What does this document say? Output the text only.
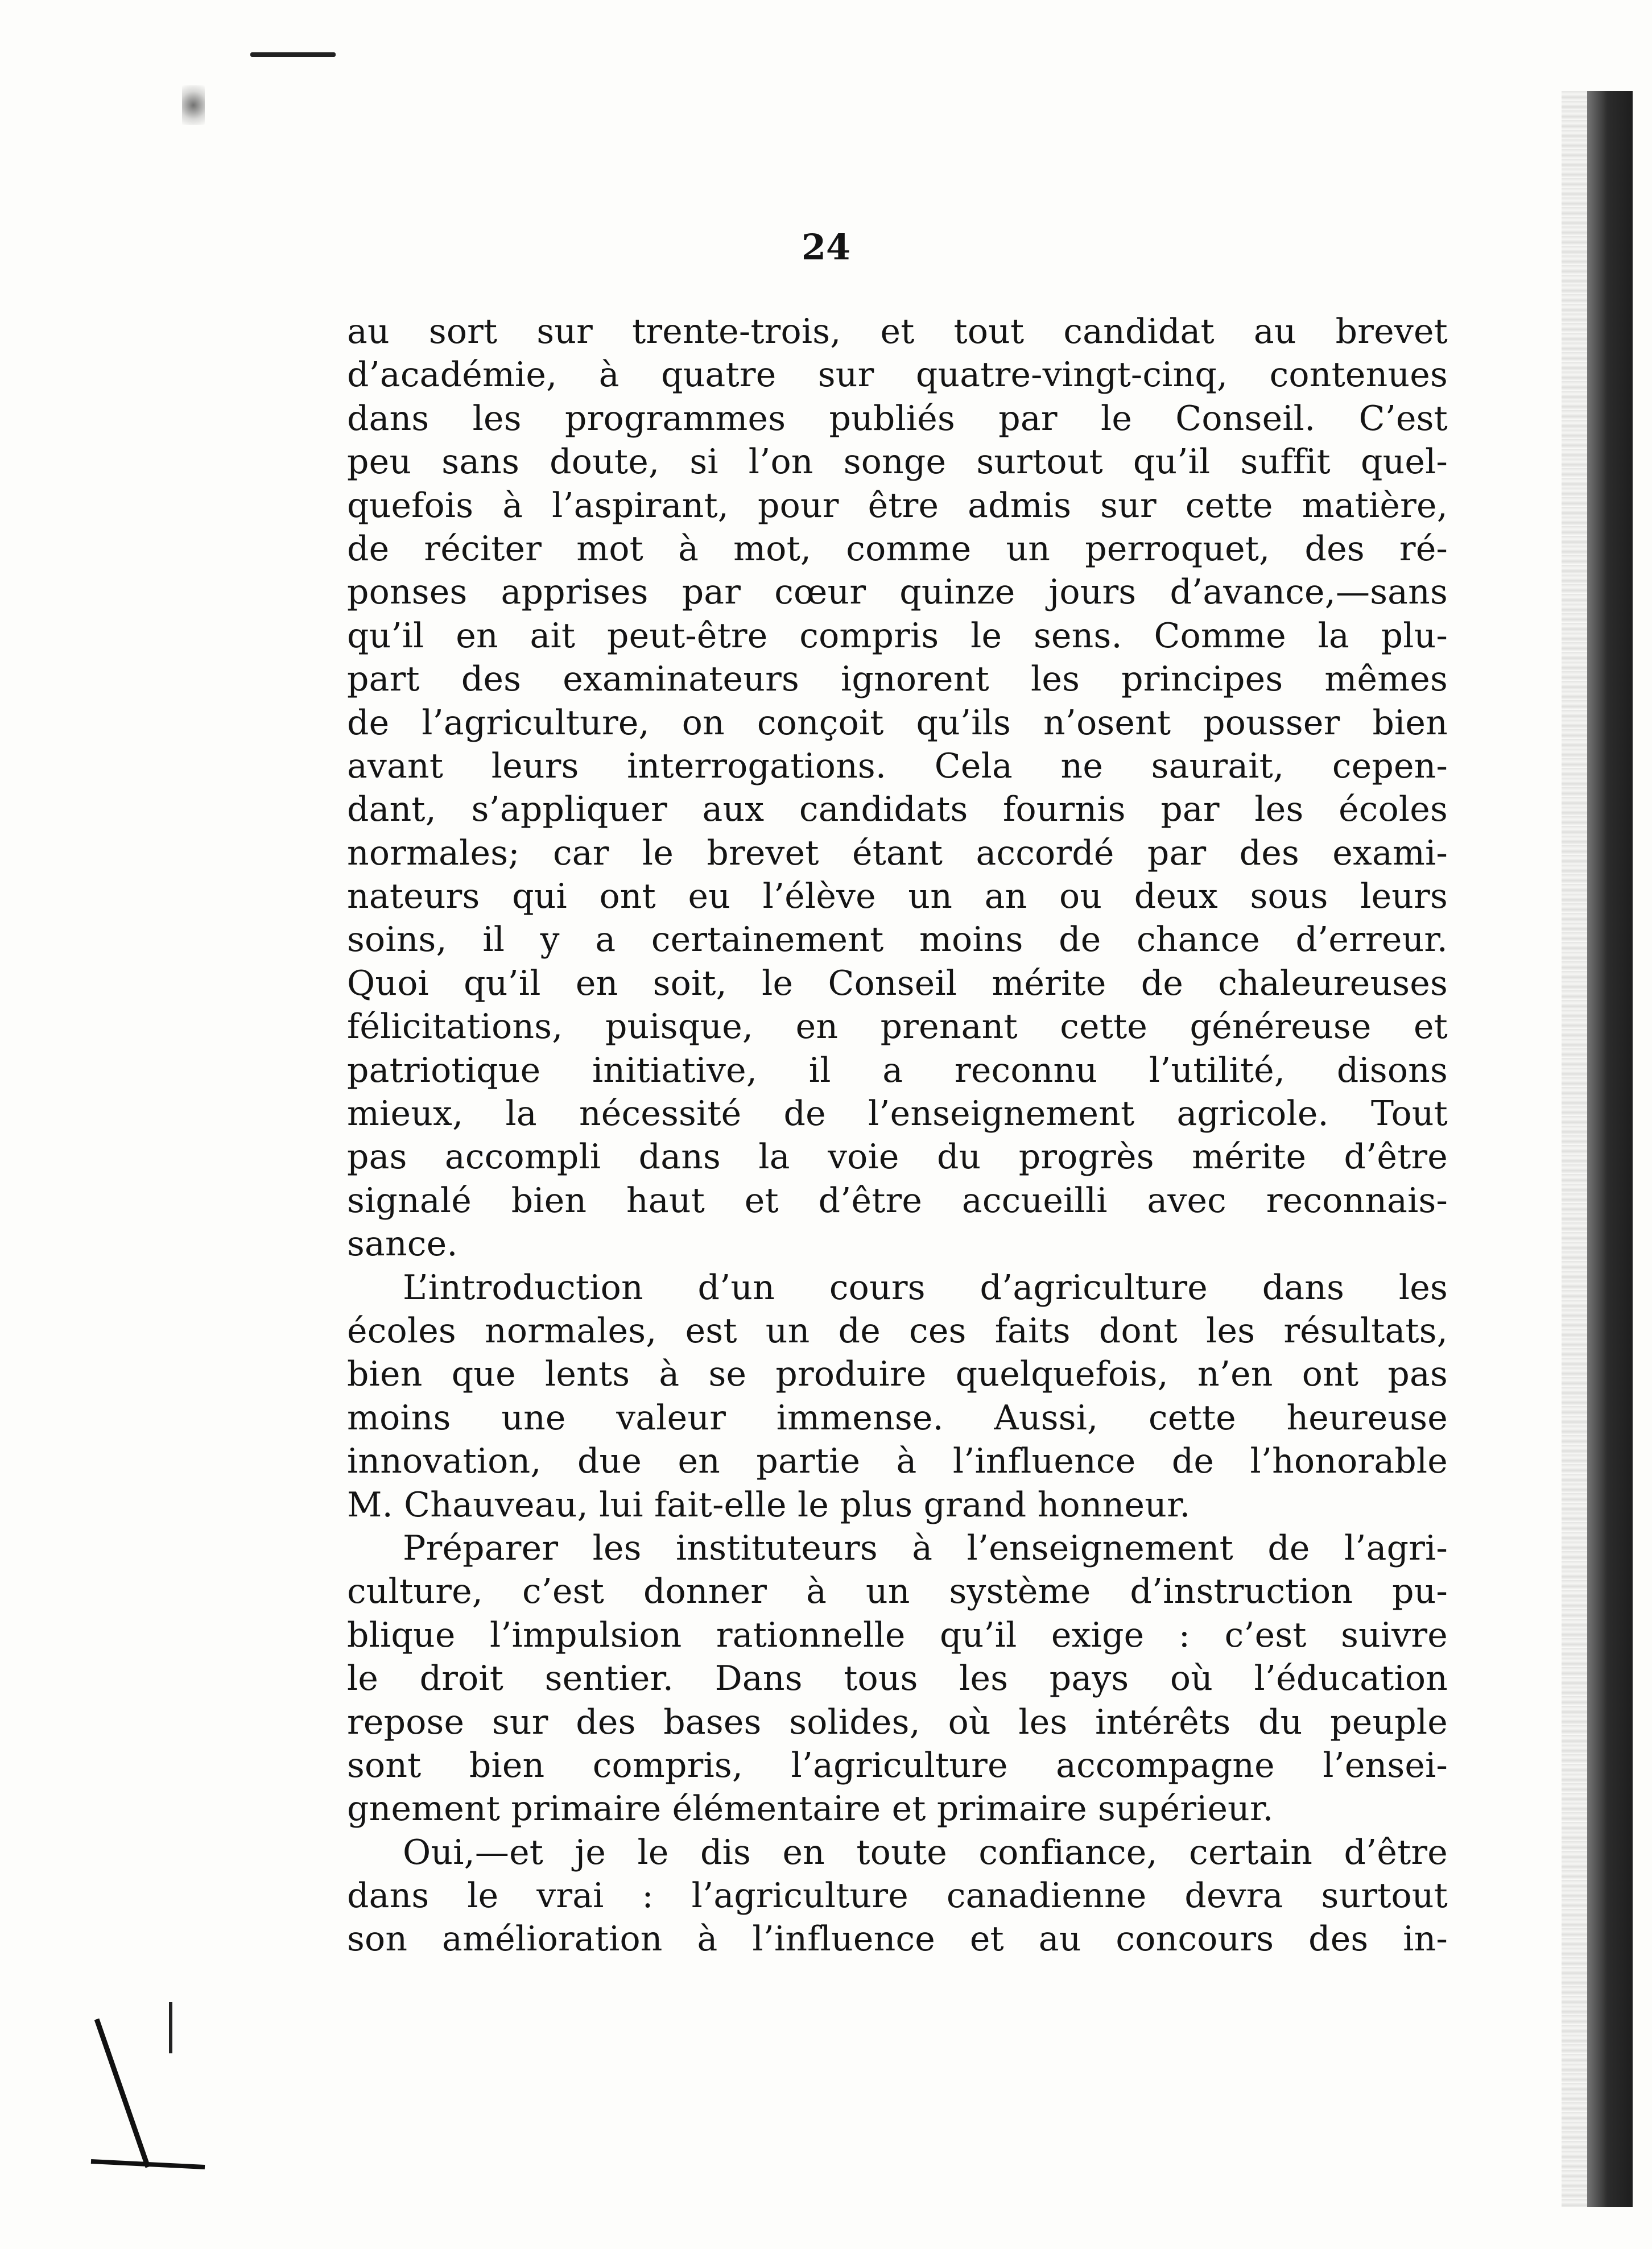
24
au sort sur trente-trois, et tout candidat au brevet
d’académie, à quatre sur quatre-vingt-cinq, contenues
dans les programmes publiés par le Conseil. C’est
peu sans doute, si l’on songe surtout qu’il suffit quel-
quefois à l’aspirant, pour être admis sur cette matière,
de réciter mot à mot, comme un perroquet, des ré-
ponses apprises par cœur quinze jours d’avance,—sans
qu’il en ait peut-être compris le sens. Comme la plu-
part des examinateurs ignorent les principes mêmes
de l’agriculture, on conçoit qu’ils n’osent pousser bien
avant leurs interrogations. Cela ne saurait, cepen-
dant, s’appliquer aux candidats fournis par les écoles
normales; car le brevet étant accordé par des exami-
nateurs qui ont eu l’élève un an ou deux sous leurs
soins, il y a certainement moins de chance d’erreur.
Quoi qu’il en soit, le Conseil mérite de chaleureuses
félicitations, puisque, en prenant cette généreuse et
patriotique initiative, il a reconnu l’utilité, disons
mieux, la nécessité de l’enseignement agricole. Tout
pas accompli dans la voie du progrès mérite d’être
signalé bien haut et d’être accueilli avec reconnais-
sance.
L’introduction d’un cours d’agriculture dans les
écoles normales, est un de ces faits dont les résultats,
bien que lents à se produire quelquefois, n’en ont pas
moins une valeur immense. Aussi, cette heureuse
innovation, due en partie à l’influence de l’honorable
M. Chauveau, lui fait-elle le plus grand honneur.
Préparer les instituteurs à l’enseignement de l’agri-
culture, c’est donner à un système d’instruction pu-
blique l’impulsion rationnelle qu’il exige : c’est suivre
le droit sentier. Dans tous les pays où l’éducation
repose sur des bases solides, où les intérêts du peuple
sont bien compris, l’agriculture accompagne l’ensei-
gnement primaire élémentaire et primaire supérieur.
Oui,—et je le dis en toute confiance, certain d’être
dans le vrai : l’agriculture canadienne devra surtout
son amélioration à l’influence et au concours des in-
